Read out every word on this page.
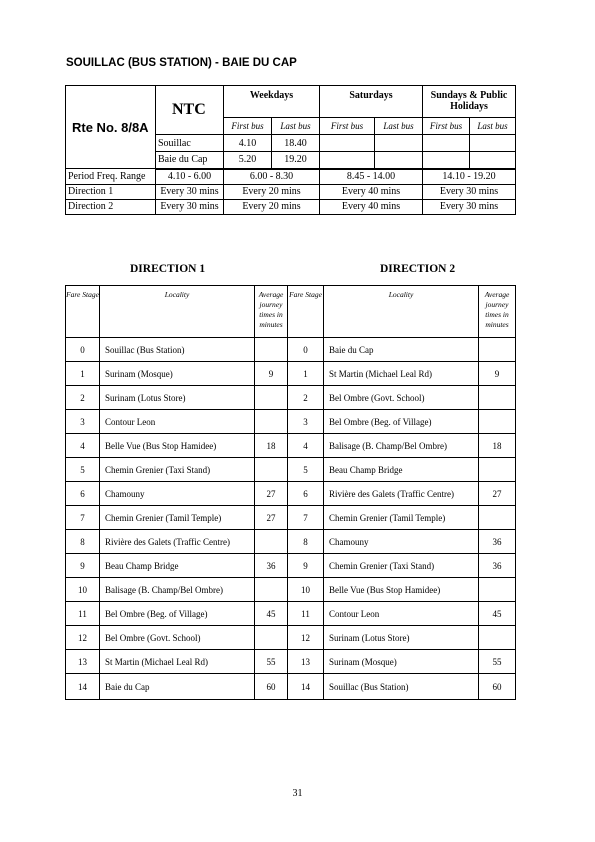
SOUILLAC (BUS STATION) - BAIE DU CAP
Rte No. 8/8A	NTC	Weekdays		Saturdays		Sundays & Public Holidays	
		First bus	Last bus	First bus	Last bus	First bus	Last bus
	Souillac	4.10	18.40				
	Baie du Cap	5.20	19.20				
Period Freq. Range	4.10 - 6.00	6.00 - 8.30		8.45 - 14.00		14.10 - 19.20	
Direction 1	Every 30 mins	Every 20 mins		Every 40 mins		Every 30 mins	
Direction 2	Every 30 mins	Every 20 mins		Every 40 mins		Every 30 mins	
DIRECTION 1	DIRECTION 2
Fare Stage	Locality	Average journey times in minutes	Fare Stage	Locality	Average journey times in minutes
0	Souillac (Bus Station)		0	Baie du Cap	
1	Surinam (Mosque)	9	1	St Martin (Michael Leal Rd)	9
2	Surinam (Lotus Store)		2	Bel Ombre (Govt. School)	
3	Contour Leon		3	Bel Ombre (Beg. of Village)	
4	Belle Vue (Bus Stop Hamidee)	18	4	Balisage (B. Champ/Bel Ombre)	18
5	Chemin Grenier (Taxi Stand)		5	Beau Champ Bridge	
6	Chamouny	27	6	Rivière des Galets (Traffic Centre)	27
7	Chemin Grenier (Tamil Temple)	27	7	Chemin Grenier (Tamil Temple)	
8	Rivière des Galets (Traffic Centre)		8	Chamouny	36
9	Beau Champ Bridge	36	9	Chemin Grenier (Taxi Stand)	36
10	Balisage (B. Champ/Bel Ombre)		10	Belle Vue (Bus Stop Hamidee)	
11	Bel Ombre (Beg. of Village)	45	11	Contour Leon	45
12	Bel Ombre (Govt. School)		12	Surinam (Lotus Store)	
13	St Martin (Michael Leal Rd)	55	13	Surinam (Mosque)	55
14	Baie du Cap	60	14	Souillac (Bus Station)	60
31
